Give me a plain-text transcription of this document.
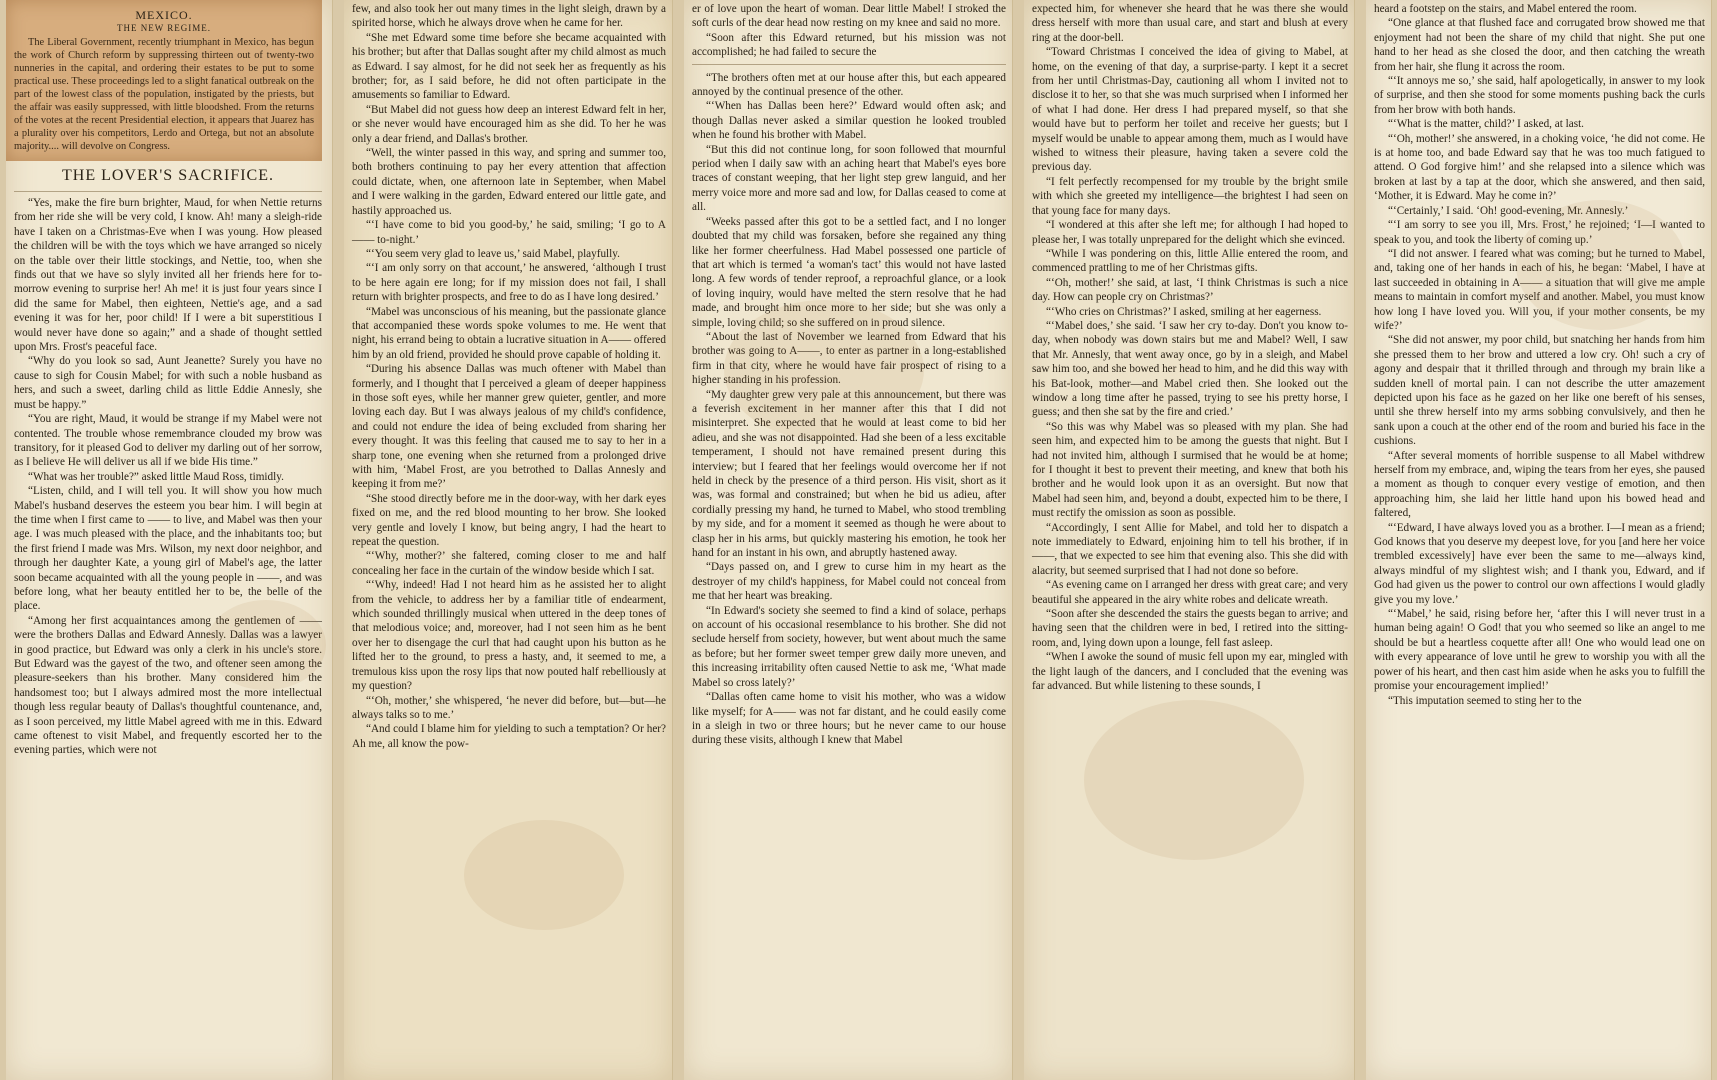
MEXICO.
THE NEW REGIME.

The Liberal Government, recently triumphant in Mexico, has begun the work of Church reform by suppressing thirteen out of twenty-two nunneries in the capital, and ordering their estates to be put to some practical use. These proceedings led to a slight fanatical outbreak on the part of the lowest class of the population, instigated by the priests, but the affair was easily suppressed, with little bloodshed. From the returns of the votes at the recent Presidential election, it appears that Juarez has a plurality over his competitors, Lerdo and Ortega, but not an absolute majority.... will devolve on Congress.

THE LOVER'S SACRIFICE.

“Yes, make the fire burn brighter, Maud, for when Nettie returns from her ride she will be very cold, I know. Ah! many a sleigh-ride have I taken on a Christmas-Eve when I was young. How pleased the children will be with the toys which we have arranged so nicely on the table over their little stockings, and Nettie, too, when she finds out that we have so slyly invited all her friends here for to-morrow evening to surprise her! Ah me! it is just four years since I did the same for Mabel, then eighteen, Nettie's age, and a sad evening it was for her, poor child! If I were a bit superstitious I would never have done so again;” and a shade of thought settled upon Mrs. Frost's peaceful face.

“Why do you look so sad, Aunt Jeanette? Surely you have no cause to sigh for Cousin Mabel; for with such a noble husband as hers, and such a sweet, darling child as little Eddie Annesly, she must be happy.”

“You are right, Maud, it would be strange if my Mabel were not contented. The trouble whose remembrance clouded my brow was transitory, for it pleased God to deliver my darling out of her sorrow, as I believe He will deliver us all if we bide His time.”

“What was her trouble?” asked little Maud Ross, timidly.

“Listen, child, and I will tell you. It will show you how much Mabel's husband deserves the esteem you bear him. I will begin at the time when I first came to —— to live, and Mabel was then your age. I was much pleased with the place, and the inhabitants too; but the first friend I made was Mrs. Wilson, my next door neighbor, and through her daughter Kate, a young girl of Mabel's age, the latter soon became acquainted with all the young people in ——, and was before long, what her beauty entitled her to be, the belle of the place.

“Among her first acquaintances among the gentlemen of —— were the brothers Dallas and Edward Annesly. Dallas was a lawyer in good practice, but Edward was only a clerk in his uncle's store. But Edward was the gayest of the two, and oftener seen among the pleasure-seekers than his brother. Many considered him the handsomest too; but I always admired most the more intellectual though less regular beauty of Dallas's thoughtful countenance, and, as I soon perceived, my little Mabel agreed with me in this. Edward came oftenest to visit Mabel, and frequently escorted her to the evening parties, which were not

few, and also took her out many times in the light sleigh, drawn by a spirited horse, which he always drove when he came for her.

“She met Edward some time before she became acquainted with his brother; but after that Dallas sought after my child almost as much as Edward. I say almost, for he did not seek her as frequently as his brother; for, as I said before, he did not often participate in the amusements so familiar to Edward.

“But Mabel did not guess how deep an interest Edward felt in her, or she never would have encouraged him as she did. To her he was only a dear friend, and Dallas's brother.

“Well, the winter passed in this way, and spring and summer too, both brothers continuing to pay her every attention that affection could dictate, when, one afternoon late in September, when Mabel and I were walking in the garden, Edward entered our little gate, and hastily approached us.

“‘I have come to bid you good-by,’ he said, smiling; ‘I go to A—— to-night.’

“‘You seem very glad to leave us,’ said Mabel, playfully.

“‘I am only sorry on that account,’ he answered, ‘although I trust to be here again ere long; for if my mission does not fail, I shall return with brighter prospects, and free to do as I have long desired.’

“Mabel was unconscious of his meaning, but the passionate glance that accompanied these words spoke volumes to me. He went that night, his errand being to obtain a lucrative situation in A—— offered him by an old friend, provided he should prove capable of holding it.

“During his absence Dallas was much oftener with Mabel than formerly, and I thought that I perceived a gleam of deeper happiness in those soft eyes, while her manner grew quieter, gentler, and more loving each day. But I was always jealous of my child's confidence, and could not endure the idea of being excluded from sharing her every thought. It was this feeling that caused me to say to her in a sharp tone, one evening when she returned from a prolonged drive with him, ‘Mabel Frost, are you betrothed to Dallas Annesly and keeping it from me?’

“She stood directly before me in the door-way, with her dark eyes fixed on me, and the red blood mounting to her brow. She looked very gentle and lovely I know, but being angry, I had the heart to repeat the question.

“‘Why, mother?’ she faltered, coming closer to me and half concealing her face in the curtain of the window beside which I sat.

“‘Why, indeed! Had I not heard him as he assisted her to alight from the vehicle, to address her by a familiar title of endearment, which sounded thrillingly musical when uttered in the deep tones of that melodious voice; and, moreover, had I not seen him as he bent over her to disengage the curl that had caught upon his button as he lifted her to the ground, to press a hasty, and, it seemed to me, a tremulous kiss upon the rosy lips that now pouted half rebelliously at my question?

“‘Oh, mother,’ she whispered, ‘he never did before, but—but—he always talks so to me.’

“And could I blame him for yielding to such a temptation? Or her? Ah me, all know the pow-

er of love upon the heart of woman. Dear little Mabel! I stroked the soft curls of the dear head now resting on my knee and said no more.

“Soon after this Edward returned, but his mission was not accomplished; he had failed to secure the

“The brothers often met at our house after this, but each appeared annoyed by the continual presence of the other.

“‘When has Dallas been here?’ Edward would often ask; and though Dallas never asked a similar question he looked troubled when he found his brother with Mabel.

“But this did not continue long, for soon followed that mournful period when I daily saw with an aching heart that Mabel's eyes bore traces of constant weeping, that her light step grew languid, and her merry voice more and more sad and low, for Dallas ceased to come at all.

“Weeks passed after this got to be a settled fact, and I no longer doubted that my child was forsaken, before she regained any thing like her former cheerfulness. Had Mabel possessed one particle of that art which is termed ‘a woman's tact’ this would not have lasted long. A few words of tender reproof, a reproachful glance, or a look of loving inquiry, would have melted the stern resolve that he had made, and brought him once more to her side; but she was only a simple, loving child; so she suffered on in proud silence.

“About the last of November we learned from Edward that his brother was going to A——, to enter as partner in a long-established firm in that city, where he would have fair prospect of rising to a higher standing in his profession.

“My daughter grew very pale at this announcement, but there was a feverish excitement in her manner after this that I did not misinterpret. She expected that he would at least come to bid her adieu, and she was not disappointed. Had she been of a less excitable temperament, I should not have remained present during this interview; but I feared that her feelings would overcome her if not held in check by the presence of a third person. His visit, short as it was, was formal and constrained; but when he bid us adieu, after cordially pressing my hand, he turned to Mabel, who stood trembling by my side, and for a moment it seemed as though he were about to clasp her in his arms, but quickly mastering his emotion, he took her hand for an instant in his own, and abruptly hastened away.

“Days passed on, and I grew to curse him in my heart as the destroyer of my child's happiness, for Mabel could not conceal from me that her heart was breaking.

“In Edward's society she seemed to find a kind of solace, perhaps on account of his occasional resemblance to his brother. She did not seclude herself from society, however, but went about much the same as before; but her former sweet temper grew daily more uneven, and this increasing irritability often caused Nettie to ask me, ‘What made Mabel so cross lately?’

“Dallas often came home to visit his mother, who was a widow like myself; for A—— was not far distant, and he could easily come in a sleigh in two or three hours; but he never came to our house during these visits, although I knew that Mabel

expected him, for whenever she heard that he was there she would dress herself with more than usual care, and start and blush at every ring at the door-bell.

“Toward Christmas I conceived the idea of giving to Mabel, at home, on the evening of that day, a surprise-party. I kept it a secret from her until Christmas-Day, cautioning all whom I invited not to disclose it to her, so that she was much surprised when I informed her of what I had done. Her dress I had prepared myself, so that she would have but to perform her toilet and receive her guests; but I myself would be unable to appear among them, much as I would have wished to witness their pleasure, having taken a severe cold the previous day.

“I felt perfectly recompensed for my trouble by the bright smile with which she greeted my intelligence—the brightest I had seen on that young face for many days.

“I wondered at this after she left me; for although I had hoped to please her, I was totally unprepared for the delight which she evinced.

“While I was pondering on this, little Allie entered the room, and commenced prattling to me of her Christmas gifts.

“‘Oh, mother!’ she said, at last, ‘I think Christmas is such a nice day. How can people cry on Christmas?’

“‘Who cries on Christmas?’ I asked, smiling at her eagerness.

“‘Mabel does,’ she said. ‘I saw her cry to-day. Don't you know to-day, when nobody was down stairs but me and Mabel? Well, I saw that Mr. Annesly, that went away once, go by in a sleigh, and Mabel saw him too, and she bowed her head to him, and he did this way with his Bat-look, mother—and Mabel cried then. She looked out the window a long time after he passed, trying to see his pretty horse, I guess; and then she sat by the fire and cried.’

“So this was why Mabel was so pleased with my plan. She had seen him, and expected him to be among the guests that night. But I had not invited him, although I surmised that he would be at home; for I thought it best to prevent their meeting, and knew that both his brother and he would look upon it as an oversight. But now that Mabel had seen him, and, beyond a doubt, expected him to be there, I must rectify the omission as soon as possible.

“Accordingly, I sent Allie for Mabel, and told her to dispatch a note immediately to Edward, enjoining him to tell his brother, if in ——, that we expected to see him that evening also. This she did with alacrity, but seemed surprised that I had not done so before.

“As evening came on I arranged her dress with great care; and very beautiful she appeared in the airy white robes and delicate wreath.

“Soon after she descended the stairs the guests began to arrive; and having seen that the children were in bed, I retired into the sitting-room, and, lying down upon a lounge, fell fast asleep.

“When I awoke the sound of music fell upon my ear, mingled with the light laugh of the dancers, and I concluded that the evening was far advanced. But while listening to these sounds, I

heard a footstep on the stairs, and Mabel entered the room.

“One glance at that flushed face and corrugated brow showed me that enjoyment had not been the share of my child that night. She put one hand to her head as she closed the door, and then catching the wreath from her hair, she flung it across the room.

“‘It annoys me so,’ she said, half apologetically, in answer to my look of surprise, and then she stood for some moments pushing back the curls from her brow with both hands.

“‘What is the matter, child?’ I asked, at last.

“‘Oh, mother!’ she answered, in a choking voice, ‘he did not come. He is at home too, and bade Edward say that he was too much fatigued to attend. O God forgive him!’ and she relapsed into a silence which was broken at last by a tap at the door, which she answered, and then said, ‘Mother, it is Edward. May he come in?’

“‘Certainly,’ I said. ‘Oh! good-evening, Mr. Annesly.’

“‘I am sorry to see you ill, Mrs. Frost,’ he rejoined; ‘I—I wanted to speak to you, and took the liberty of coming up.’

“I did not answer. I feared what was coming; but he turned to Mabel, and, taking one of her hands in each of his, he began: ‘Mabel, I have at last succeeded in obtaining in A—— a situation that will give me ample means to maintain in comfort myself and another. Mabel, you must know how long I have loved you. Will you, if your mother consents, be my wife?’

“She did not answer, my poor child, but snatching her hands from him she pressed them to her brow and uttered a low cry. Oh! such a cry of agony and despair that it thrilled through and through my brain like a sudden knell of mortal pain. I can not describe the utter amazement depicted upon his face as he gazed on her like one bereft of his senses, until she threw herself into my arms sobbing convulsively, and then he sank upon a couch at the other end of the room and buried his face in the cushions.

“After several moments of horrible suspense to all Mabel withdrew herself from my embrace, and, wiping the tears from her eyes, she paused a moment as though to conquer every vestige of emotion, and then approaching him, she laid her little hand upon his bowed head and faltered,

“‘Edward, I have always loved you as a brother. I—I mean as a friend; God knows that you deserve my deepest love, for you [and here her voice trembled excessively] have ever been the same to me—always kind, always mindful of my slightest wish; and I thank you, Edward, and if God had given us the power to control our own affections I would gladly give you my love.’

“‘Mabel,’ he said, rising before her, ‘after this I will never trust in a human being again! O God! that you who seemed so like an angel to me should be but a heartless coquette after all! One who would lead one on with every appearance of love until he grew to worship you with all the power of his heart, and then cast him aside when he asks you to fulfill the promise your encouragement implied!’

“This imputation seemed to sting her to the
